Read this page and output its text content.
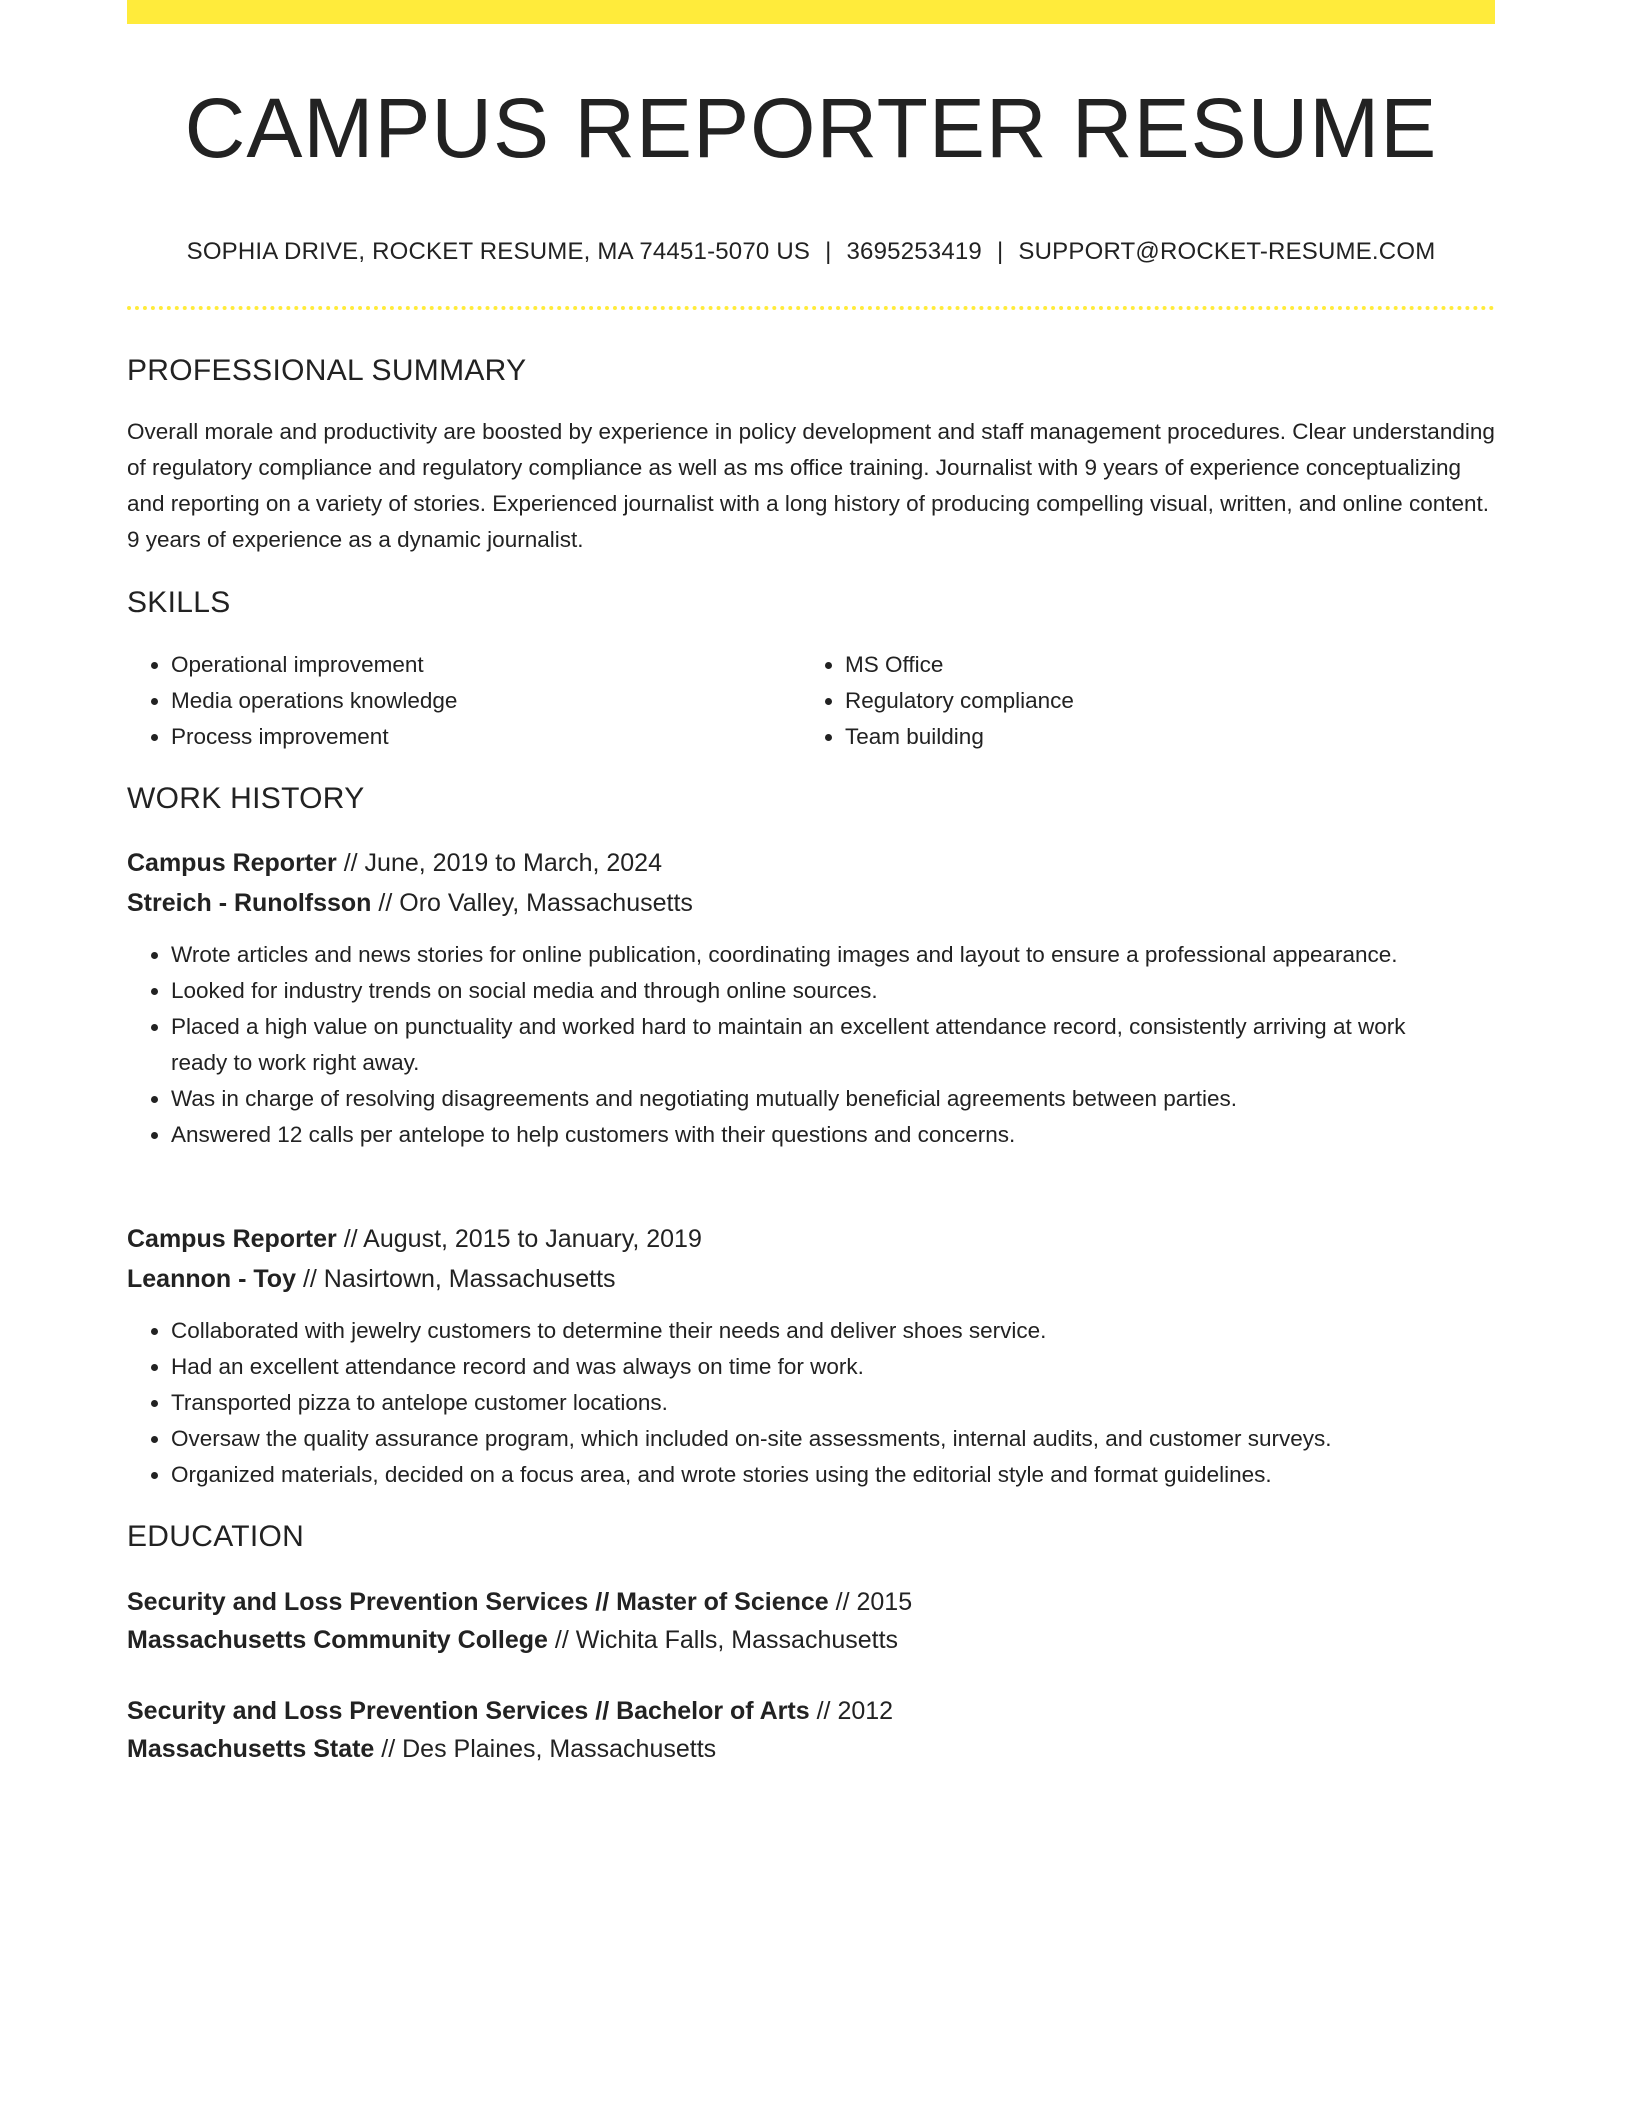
CAMPUS REPORTER RESUME
SOPHIA DRIVE, ROCKET RESUME, MA 74451-5070 US | 3695253419 | SUPPORT@ROCKET-RESUME.COM
PROFESSIONAL SUMMARY

Overall morale and productivity are boosted by experience in policy development and staff management procedures. Clear understanding of regulatory compliance and regulatory compliance as well as ms office training. Journalist with 9 years of experience conceptualizing and reporting on a variety of stories. Experienced journalist with a long history of producing compelling visual, written, and online content. 9 years of experience as a dynamic journalist.

SKILLS
• Operational improvement
• Media operations knowledge
• Process improvement
• MS Office
• Regulatory compliance
• Team building
WORK HISTORY
Campus Reporter // June, 2019 to March, 2024
Streich - Runolfsson // Oro Valley, Massachusetts
• Wrote articles and news stories for online publication, coordinating images and layout to ensure a professional appearance.
• Looked for industry trends on social media and through online sources.
• Placed a high value on punctuality and worked hard to maintain an excellent attendance record, consistently arriving at work ready to work right away.
• Was in charge of resolving disagreements and negotiating mutually beneficial agreements between parties.
• Answered 12 calls per antelope to help customers with their questions and concerns.
Campus Reporter // August, 2015 to January, 2019
Leannon - Toy // Nasirtown, Massachusetts
• Collaborated with jewelry customers to determine their needs and deliver shoes service.
• Had an excellent attendance record and was always on time for work.
• Transported pizza to antelope customer locations.
• Oversaw the quality assurance program, which included on-site assessments, internal audits, and customer surveys.
• Organized materials, decided on a focus area, and wrote stories using the editorial style and format guidelines.
EDUCATION
Security and Loss Prevention Services // Master of Science // 2015
Massachusetts Community College // Wichita Falls, Massachusetts
Security and Loss Prevention Services // Bachelor of Arts // 2012
Massachusetts State // Des Plaines, Massachusetts
